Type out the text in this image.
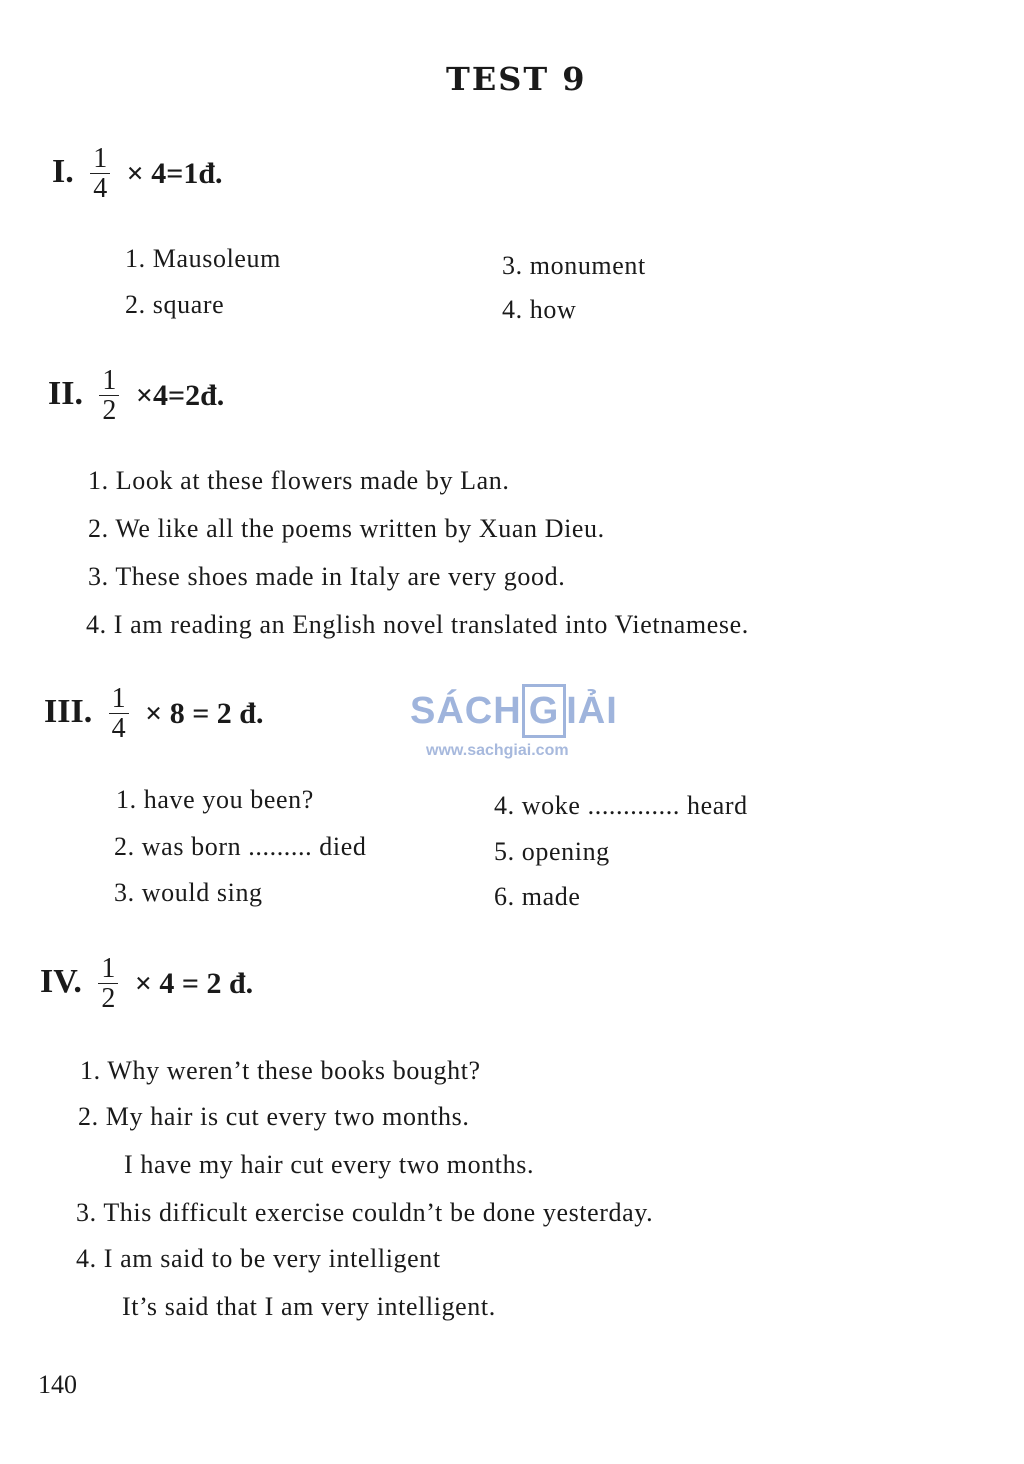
TEST 9
I. $\frac{1}{4}$ × 4=1đ.
1. Mausoleum
2. square
3. monument
4. how
II. $\frac{1}{2}$ ×4=2đ.
1. Look at these flowers made by Lan.
2. We like all the poems written by Xuan Dieu.
3. These shoes made in Italy are very good.
4. I am reading an English novel translated into Vietnamese.
SÁCH G IẢI
www.sachgiai.com
III. $\frac{1}{4} \times 8 = 2$ đ.
1. have you been?
2. was born ......... died
3. would sing
4. woke ............. heard
5. opening
6. made
IV. $\frac{1}{2} \times 4 = 2$ đ.
1. Why weren’t these books bought?
2. My hair is cut every two months.
I have my hair cut every two months.
3. This difficult exercise couldn’t be done yesterday.
4. I am said to be very intelligent
It’s said that I am very intelligent.
140
